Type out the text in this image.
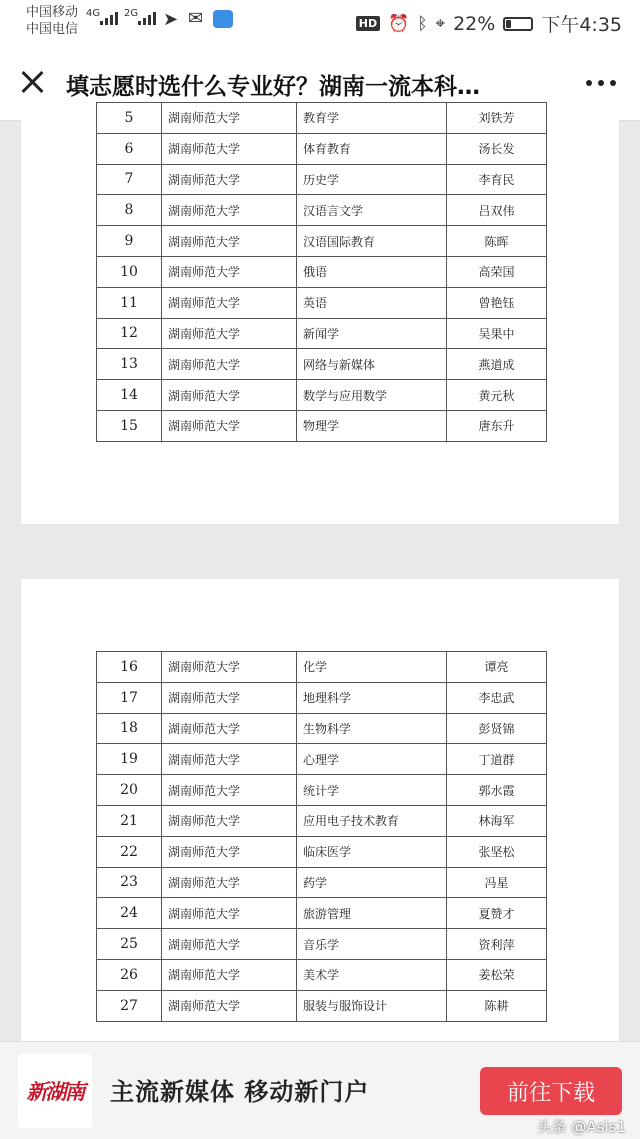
中国移动
中国电信
4G 2G ➤ ✉	HD ⏰ ᛒ ⌖ 22% 下午4:35
填志愿时选什么专业好？湖南一流本科…
5	湖南师范大学	教育学	刘铁芳
6	湖南师范大学	体育教育	汤长发
7	湖南师范大学	历史学	李育民
8	湖南师范大学	汉语言文学	吕双伟
9	湖南师范大学	汉语国际教育	陈晖
10	湖南师范大学	俄语	高荣国
11	湖南师范大学	英语	曾艳钰
12	湖南师范大学	新闻学	吴果中
13	湖南师范大学	网络与新媒体	燕道成
14	湖南师范大学	数学与应用数学	黄元秋
15	湖南师范大学	物理学	唐东升
16	湖南师范大学	化学	谭亮
17	湖南师范大学	地理科学	李忠武
18	湖南师范大学	生物科学	彭贤锦
19	湖南师范大学	心理学	丁道群
20	湖南师范大学	统计学	郭水霞
21	湖南师范大学	应用电子技术教育	林海军
22	湖南师范大学	临床医学	张坚松
23	湖南师范大学	药学	冯星
24	湖南师范大学	旅游管理	夏赞才
25	湖南师范大学	音乐学	资利萍
26	湖南师范大学	美术学	姜松荣
27	湖南师范大学	服装与服饰设计	陈耕
新湖南	主流新媒体 移动新门户	前往下载
头条 @Asis1
